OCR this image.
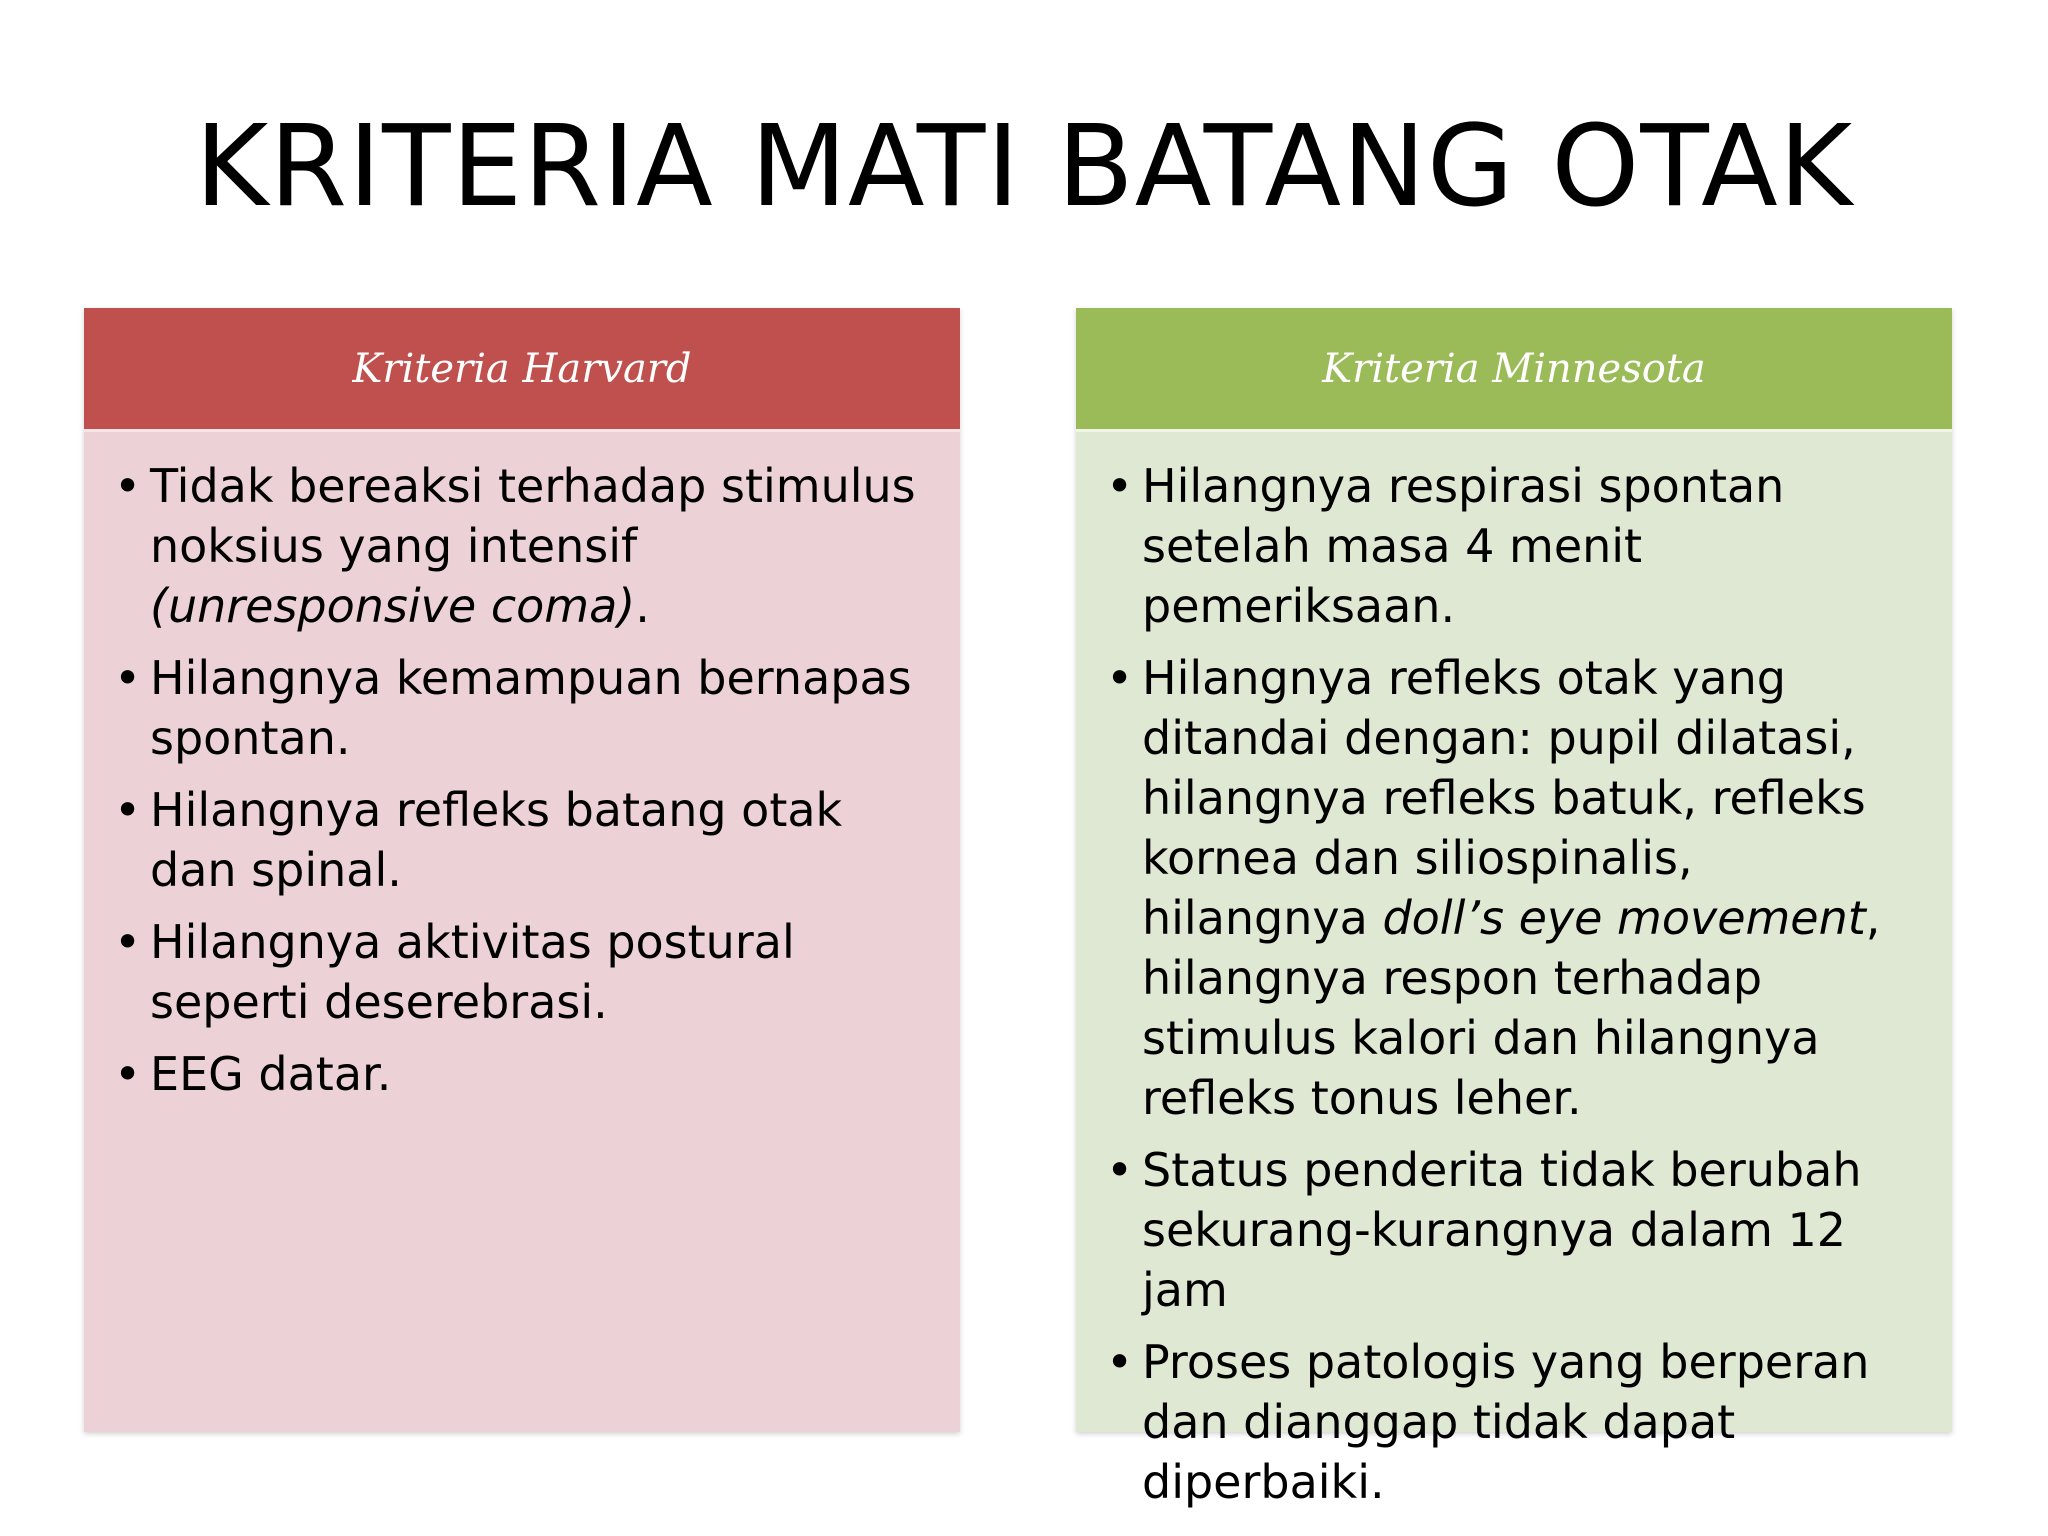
KRITERIA MATI BATANG OTAK
Kriteria Harvard
• Tidak bereaksi terhadap stimulus noksius yang intensif (unresponsive coma).
• Hilangnya kemampuan bernapas spontan.
• Hilangnya refleks batang otak dan spinal.
• Hilangnya aktivitas postural seperti deserebrasi.
• EEG datar.
Kriteria Minnesota
• Hilangnya respirasi spontan setelah masa 4 menit pemeriksaan.
• Hilangnya refleks otak yang ditandai dengan: pupil dilatasi, hilangnya refleks batuk, refleks kornea dan siliospinalis, hilangnya doll’s eye movement, hilangnya respon terhadap stimulus kalori dan hilangnya refleks tonus leher.
• Status penderita tidak berubah sekurang-kurangnya dalam 12 jam
• Proses patologis yang berperan dan dianggap tidak dapat diperbaiki.
